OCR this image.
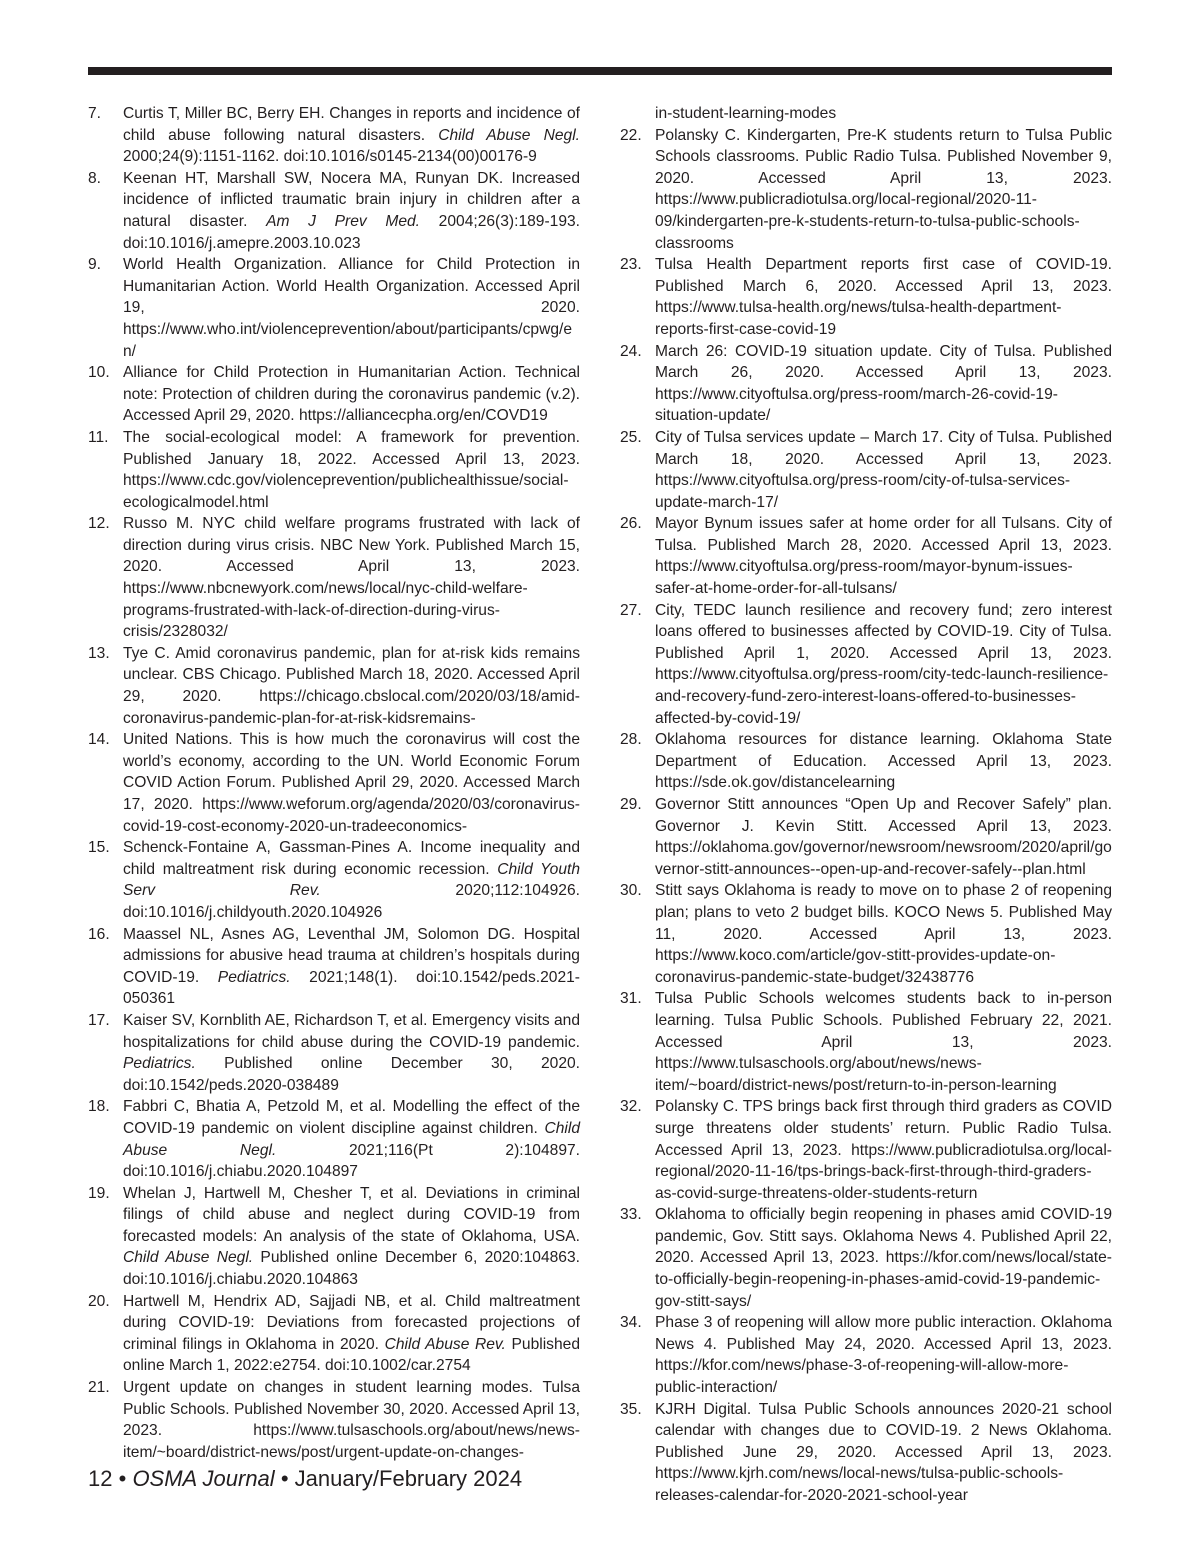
7. Curtis T, Miller BC, Berry EH. Changes in reports and incidence of child abuse following natural disasters. Child Abuse Negl. 2000;24(9):1151-1162. doi:10.1016/s0145-2134(00)00176-9
8. Keenan HT, Marshall SW, Nocera MA, Runyan DK. Increased incidence of inflicted traumatic brain injury in children after a natural disaster. Am J Prev Med. 2004;26(3):189-193. doi:10.1016/j.amepre.2003.10.023
9. World Health Organization. Alliance for Child Protection in Humanitarian Action. World Health Organization. Accessed April 19, 2020. https://www.who.int/violenceprevention/about/participants/cpwg/en/
10. Alliance for Child Protection in Humanitarian Action. Technical note: Protection of children during the coronavirus pandemic (v.2). Accessed April 29, 2020. https://alliancecpha.org/en/COVD19
11. The social-ecological model: A framework for prevention. Published January 18, 2022. Accessed April 13, 2023. https://www.cdc.gov/violenceprevention/publichealthissue/social-ecologicalmodel.html
12. Russo M. NYC child welfare programs frustrated with lack of direction during virus crisis. NBC New York. Published March 15, 2020. Accessed April 13, 2023. https://www.nbcnewyork.com/news/local/nyc-child-welfare-programs-frustrated-with-lack-of-direction-during-virus-crisis/2328032/
13. Tye C. Amid coronavirus pandemic, plan for at-risk kids remains unclear. CBS Chicago. Published March 18, 2020. Accessed April 29, 2020. https://chicago.cbslocal.com/2020/03/18/amid-coronavirus-pandemic-plan-for-at-risk-kidsremains-
14. United Nations. This is how much the coronavirus will cost the world’s economy, according to the UN. World Economic Forum COVID Action Forum. Published April 29, 2020. Accessed March 17, 2020. https://www.weforum.org/agenda/2020/03/coronavirus-covid-19-cost-economy-2020-un-tradeeconomics-
15. Schenck-Fontaine A, Gassman-Pines A. Income inequality and child maltreatment risk during economic recession. Child Youth Serv Rev. 2020;112:104926. doi:10.1016/j.childyouth.2020.104926
16. Maassel NL, Asnes AG, Leventhal JM, Solomon DG. Hospital admissions for abusive head trauma at children’s hospitals during COVID-19. Pediatrics. 2021;148(1). doi:10.1542/peds.2021-050361
17. Kaiser SV, Kornblith AE, Richardson T, et al. Emergency visits and hospitalizations for child abuse during the COVID-19 pandemic. Pediatrics. Published online December 30, 2020. doi:10.1542/peds.2020-038489
18. Fabbri C, Bhatia A, Petzold M, et al. Modelling the effect of the COVID-19 pandemic on violent discipline against children. Child Abuse Negl. 2021;116(Pt 2):104897. doi:10.1016/j.chiabu.2020.104897
19. Whelan J, Hartwell M, Chesher T, et al. Deviations in criminal filings of child abuse and neglect during COVID-19 from forecasted models: An analysis of the state of Oklahoma, USA. Child Abuse Negl. Published online December 6, 2020:104863. doi:10.1016/j.chiabu.2020.104863
20. Hartwell M, Hendrix AD, Sajjadi NB, et al. Child maltreatment during COVID-19: Deviations from forecasted projections of criminal filings in Oklahoma in 2020. Child Abuse Rev. Published online March 1, 2022:e2754. doi:10.1002/car.2754
21. Urgent update on changes in student learning modes. Tulsa Public Schools. Published November 30, 2020. Accessed April 13, 2023. https://www.tulsaschools.org/about/news/news-item/~board/district-news/post/urgent-update-on-changes-
in-student-learning-modes
22. Polansky C. Kindergarten, Pre-K students return to Tulsa Public Schools classrooms. Public Radio Tulsa. Published November 9, 2020. Accessed April 13, 2023. https://www.publicradiotulsa.org/local-regional/2020-11-09/kindergarten-pre-k-students-return-to-tulsa-public-schools-classrooms
23. Tulsa Health Department reports first case of COVID-19. Published March 6, 2020. Accessed April 13, 2023. https://www.tulsa-health.org/news/tulsa-health-department-reports-first-case-covid-19
24. March 26: COVID-19 situation update. City of Tulsa. Published March 26, 2020. Accessed April 13, 2023. https://www.cityoftulsa.org/press-room/march-26-covid-19-situation-update/
25. City of Tulsa services update – March 17. City of Tulsa. Published March 18, 2020. Accessed April 13, 2023. https://www.cityoftulsa.org/press-room/city-of-tulsa-services-update-march-17/
26. Mayor Bynum issues safer at home order for all Tulsans. City of Tulsa. Published March 28, 2020. Accessed April 13, 2023. https://www.cityoftulsa.org/press-room/mayor-bynum-issues-safer-at-home-order-for-all-tulsans/
27. City, TEDC launch resilience and recovery fund; zero interest loans offered to businesses affected by COVID-19. City of Tulsa. Published April 1, 2020. Accessed April 13, 2023. https://www.cityoftulsa.org/press-room/city-tedc-launch-resilience-and-recovery-fund-zero-interest-loans-offered-to-businesses-affected-by-covid-19/
28. Oklahoma resources for distance learning. Oklahoma State Department of Education. Accessed April 13, 2023. https://sde.ok.gov/distancelearning
29. Governor Stitt announces “Open Up and Recover Safely” plan. Governor J. Kevin Stitt. Accessed April 13, 2023. https://oklahoma.gov/governor/newsroom/newsroom/2020/april/governor-stitt-announces--open-up-and-recover-safely--plan.html
30. Stitt says Oklahoma is ready to move on to phase 2 of reopening plan; plans to veto 2 budget bills. KOCO News 5. Published May 11, 2020. Accessed April 13, 2023. https://www.koco.com/article/gov-stitt-provides-update-on-coronavirus-pandemic-state-budget/32438776
31. Tulsa Public Schools welcomes students back to in-person learning. Tulsa Public Schools. Published February 22, 2021. Accessed April 13, 2023. https://www.tulsaschools.org/about/news/news-item/~board/district-news/post/return-to-in-person-learning
32. Polansky C. TPS brings back first through third graders as COVID surge threatens older students’ return. Public Radio Tulsa. Accessed April 13, 2023. https://www.publicradiotulsa.org/local-regional/2020-11-16/tps-brings-back-first-through-third-graders-as-covid-surge-threatens-older-students-return
33. Oklahoma to officially begin reopening in phases amid COVID-19 pandemic, Gov. Stitt says. Oklahoma News 4. Published April 22, 2020. Accessed April 13, 2023. https://kfor.com/news/local/state-to-officially-begin-reopening-in-phases-amid-covid-19-pandemic-gov-stitt-says/
34. Phase 3 of reopening will allow more public interaction. Oklahoma News 4. Published May 24, 2020. Accessed April 13, 2023. https://kfor.com/news/phase-3-of-reopening-will-allow-more-public-interaction/
35. KJRH Digital. Tulsa Public Schools announces 2020-21 school calendar with changes due to COVID-19. 2 News Oklahoma. Published June 29, 2020. Accessed April 13, 2023. https://www.kjrh.com/news/local-news/tulsa-public-schools-releases-calendar-for-2020-2021-school-year
12 • OSMA Journal • January/February 2024
